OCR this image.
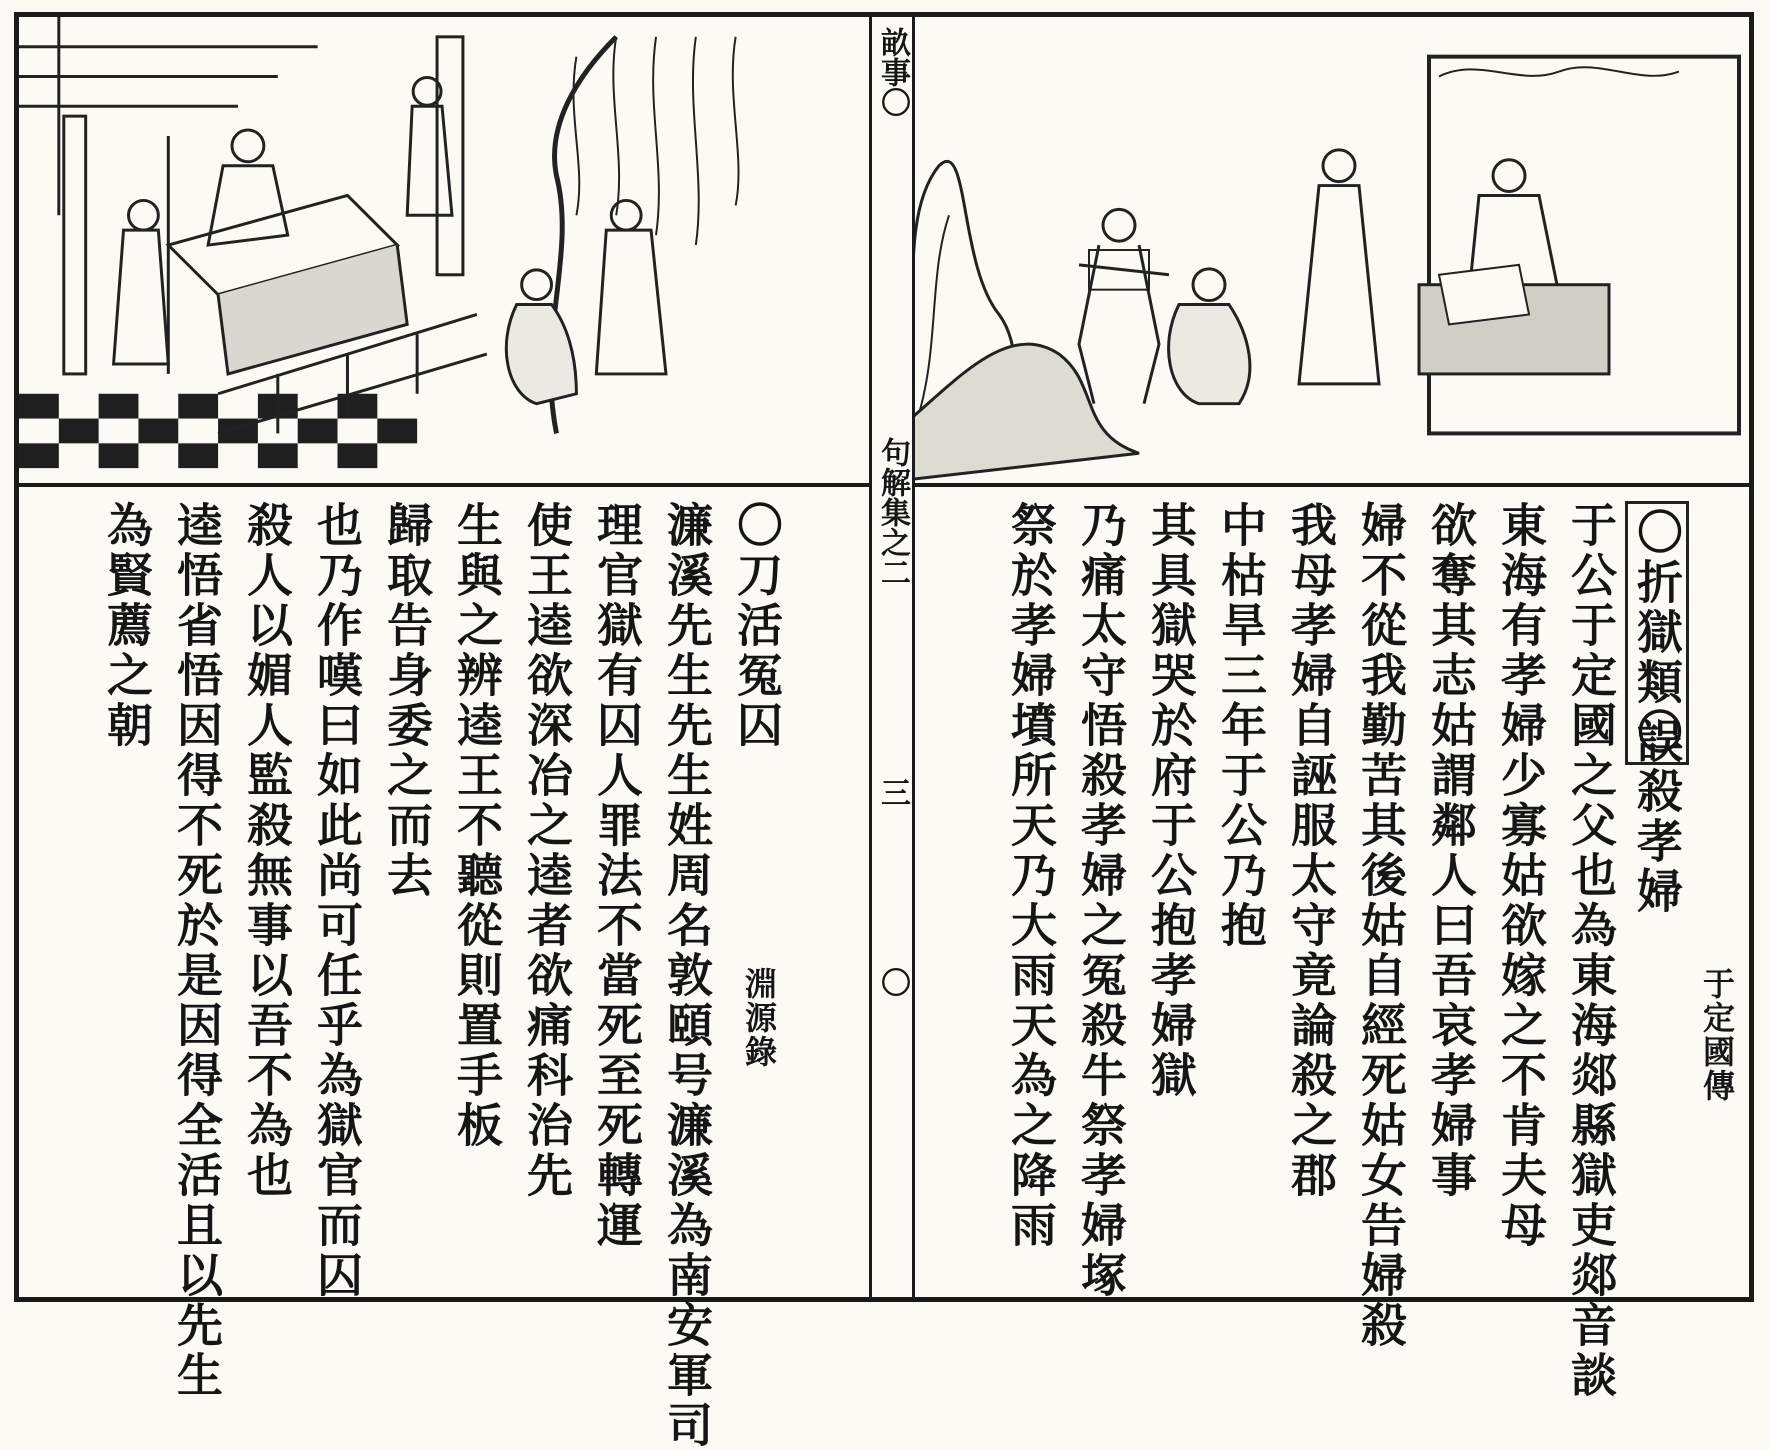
于定國傳
〇折獄類〇
誤殺孝婦
于公于定國之父也為東海郯縣獄吏郯音談
東海有孝婦少寡姑欲嫁之不肯夫母
欲奪其志姑謂鄰人曰吾哀孝婦事
婦不從我勤苦其後姑自經死姑女告婦殺
我母孝婦自誣服太守竟論殺之郡
中枯旱三年于公乃抱
其具獄哭於府于公抱孝婦獄
乃痛太守悟殺孝婦之冤殺牛祭孝婦塚
祭於孝婦墳所天乃大雨天為之降雨
〇刀活冤囚
淵源錄
濂溪先生先生姓周名敦頤号濂溪為南安軍司
理官獄有囚人罪法不當死至死轉運
使王逵欲深冶之逵者欲痛科治先
生與之辨逵王不聽從則置手板
歸取告身委之而去
也乃作嘆曰如此尚可任乎為獄官而囚
殺人以媚人監殺無事以吾不為也
逵悟省悟因得不死於是因得全活且以先生
為賢薦之朝
畝事〇
句解集之二
三
〇
